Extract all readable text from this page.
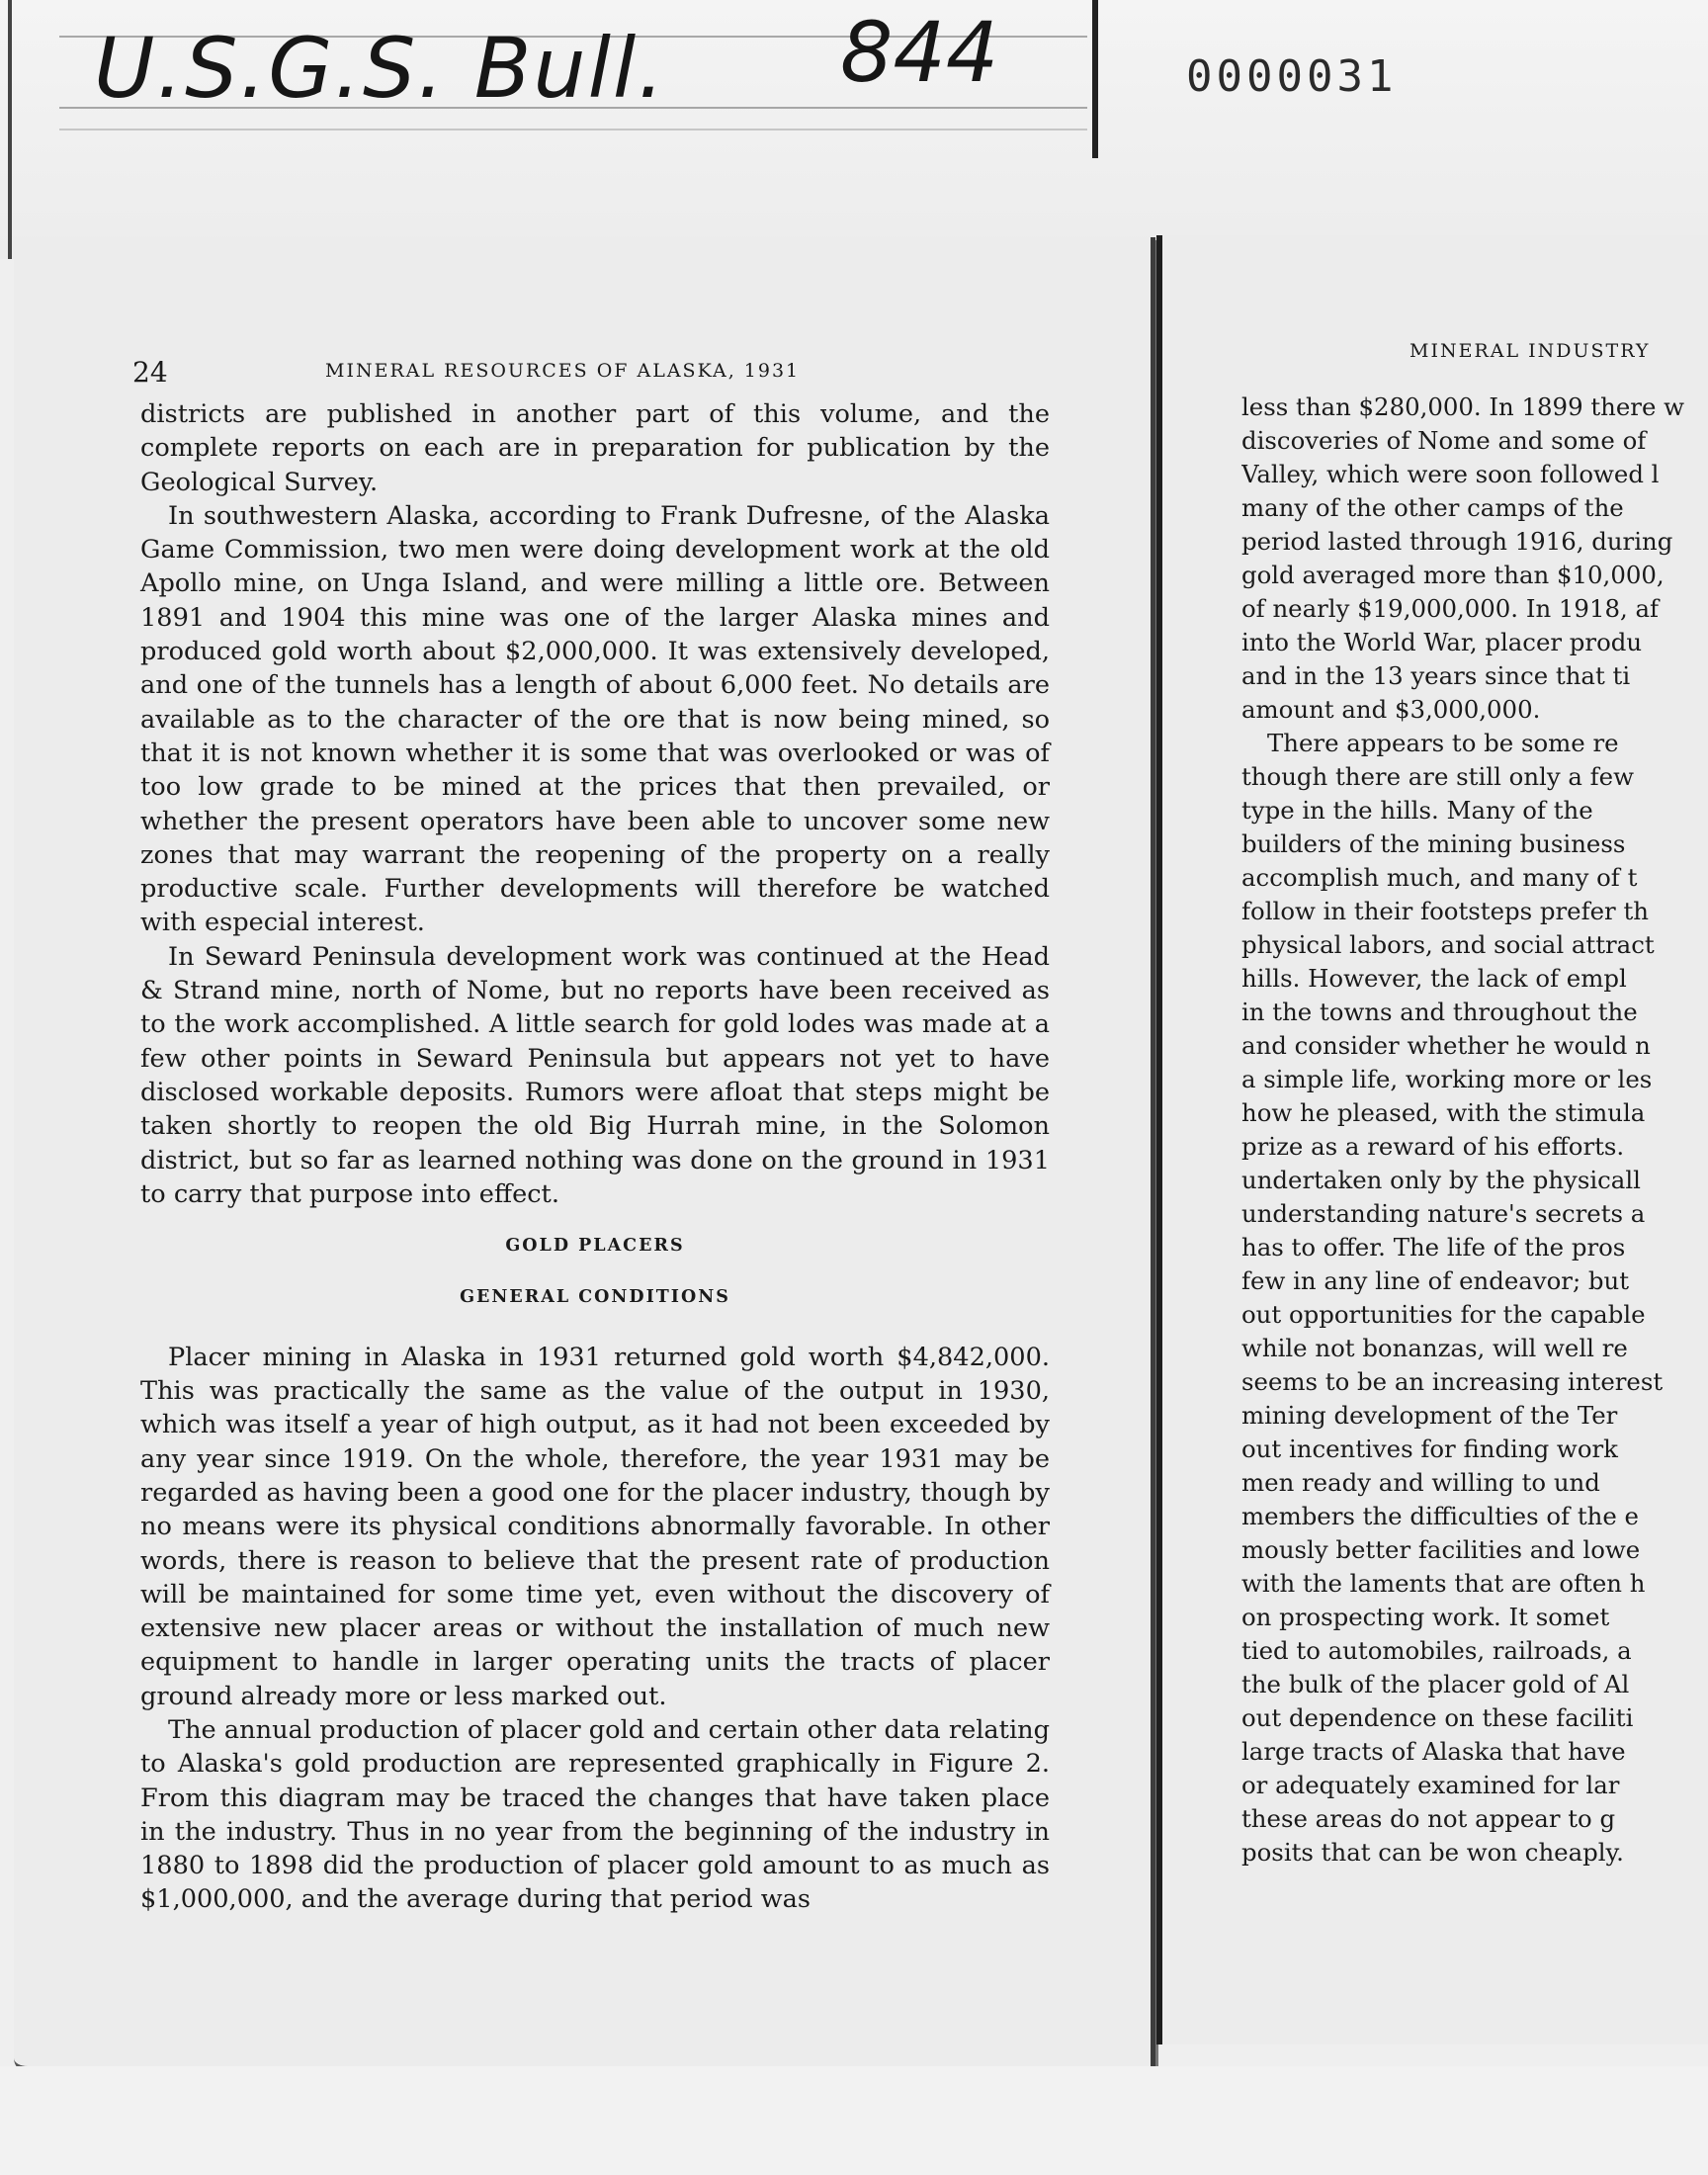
U.S.G.S. Bull. 844	0000031
24	MINERAL RESOURCES OF ALASKA, 1931

districts are published in another part of this volume, and the complete reports on each are in preparation for publication by the Geological Survey.

In southwestern Alaska, according to Frank Dufresne, of the Alaska Game Commission, two men were doing development work at the old Apollo mine, on Unga Island, and were milling a little ore. Between 1891 and 1904 this mine was one of the larger Alaska mines and produced gold worth about $2,000,000. It was extensively developed, and one of the tunnels has a length of about 6,000 feet. No details are available as to the character of the ore that is now being mined, so that it is not known whether it is some that was overlooked or was of too low grade to be mined at the prices that then prevailed, or whether the present operators have been able to uncover some new zones that may warrant the reopening of the property on a really productive scale. Further developments will therefore be watched with especial interest.

In Seward Peninsula development work was continued at the Head & Strand mine, north of Nome, but no reports have been received as to the work accomplished. A little search for gold lodes was made at a few other points in Seward Peninsula but appears not yet to have disclosed workable deposits. Rumors were afloat that steps might be taken shortly to reopen the old Big Hurrah mine, in the Solomon district, but so far as learned nothing was done on the ground in 1931 to carry that purpose into effect.

GOLD PLACERS
GENERAL CONDITIONS

Placer mining in Alaska in 1931 returned gold worth $4,842,000. This was practically the same as the value of the output in 1930, which was itself a year of high output, as it had not been exceeded by any year since 1919. On the whole, therefore, the year 1931 may be regarded as having been a good one for the placer industry, though by no means were its physical conditions abnormally favorable. In other words, there is reason to believe that the present rate of production will be maintained for some time yet, even without the discovery of extensive new placer areas or without the installation of much new equipment to handle in larger operating units the tracts of placer ground already more or less marked out.

The annual production of placer gold and certain other data relating to Alaska's gold production are represented graphically in Figure 2. From this diagram may be traced the changes that have taken place in the industry. Thus in no year from the beginning of the industry in 1880 to 1898 did the production of placer gold amount to as much as $1,000,000, and the average during that period was

MINERAL INDUSTRY
less than $280,000. In 1899 there w
discoveries of Nome and some of
Valley, which were soon followed l
many of the other camps of the
period lasted through 1916, during
gold averaged more than $10,000,
of nearly $19,000,000. In 1918, af
into the World War, placer produ
and in the 13 years since that ti
amount and $3,000,000.
There appears to be some re
though there are still only a few
type in the hills. Many of the
builders of the mining business
accomplish much, and many of t
follow in their footsteps prefer th
physical labors, and social attract
hills. However, the lack of empl
in the towns and throughout the
and consider whether he would n
a simple life, working more or les
how he pleased, with the stimula
prize as a reward of his efforts.
undertaken only by the physicall
understanding nature's secrets a
has to offer. The life of the pros
few in any line of endeavor; but
out opportunities for the capable
while not bonanzas, will well re
seems to be an increasing interest
mining development of the Ter
out incentives for finding work
men ready and willing to und
members the difficulties of the e
mously better facilities and lowe
with the laments that are often h
on prospecting work. It somet
tied to automobiles, railroads, a
the bulk of the placer gold of Al
out dependence on these faciliti
large tracts of Alaska that have
or adequately examined for lar
these areas do not appear to g
posits that can be won cheaply.
